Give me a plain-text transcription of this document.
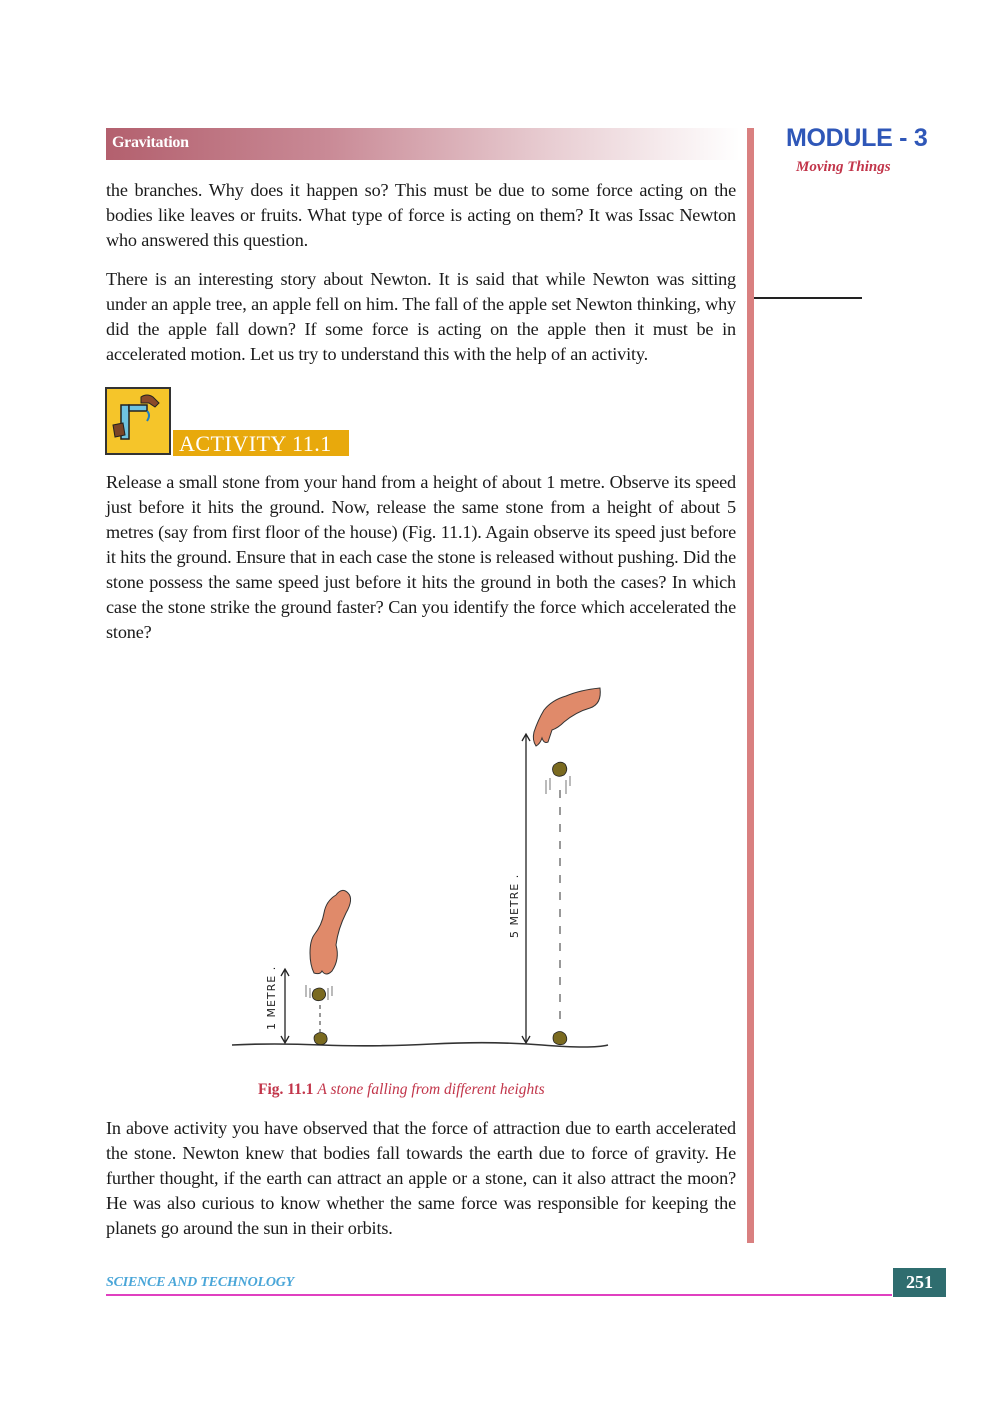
Gravitation	MODULE - 3
Moving Things

the branches. Why does it happen so? This must be due to some force acting on the bodies like leaves or fruits. What type of force is acting on them? It was Issac Newton who answered this question.

There is an interesting story about Newton. It is said that while Newton was sitting under an apple tree, an apple fell on him. The fall of the apple set Newton thinking, why did the apple fall down? If some force is acting on the apple then it must be in accelerated motion. Let us try to understand this with the help of an activity.

ACTIVITY 11.1

Release a small stone from your hand from a height of about 1 metre. Observe its speed just before it hits the ground. Now, release the same stone from a height of about 5 metres (say from first floor of the house) (Fig. 11.1). Again observe its speed just before it hits the ground. Ensure that in each case the stone is released without pushing. Did the stone possess the same speed just before it hits the ground in both the cases? In which case the stone strike the ground faster? Can you identify the force which accelerated the stone?

1 METRE .
5 METRE .
Fig. 11.1 A stone falling from different heights

In above activity you have observed that the force of attraction due to earth accelerated the stone. Newton knew that bodies fall towards the earth due to force of gravity. He further thought, if the earth can attract an apple or a stone, can it also attract the moon? He was also curious to know whether the same force was responsible for keeping the planets go around the sun in their orbits.

SCIENCE AND TECHNOLOGY	251
